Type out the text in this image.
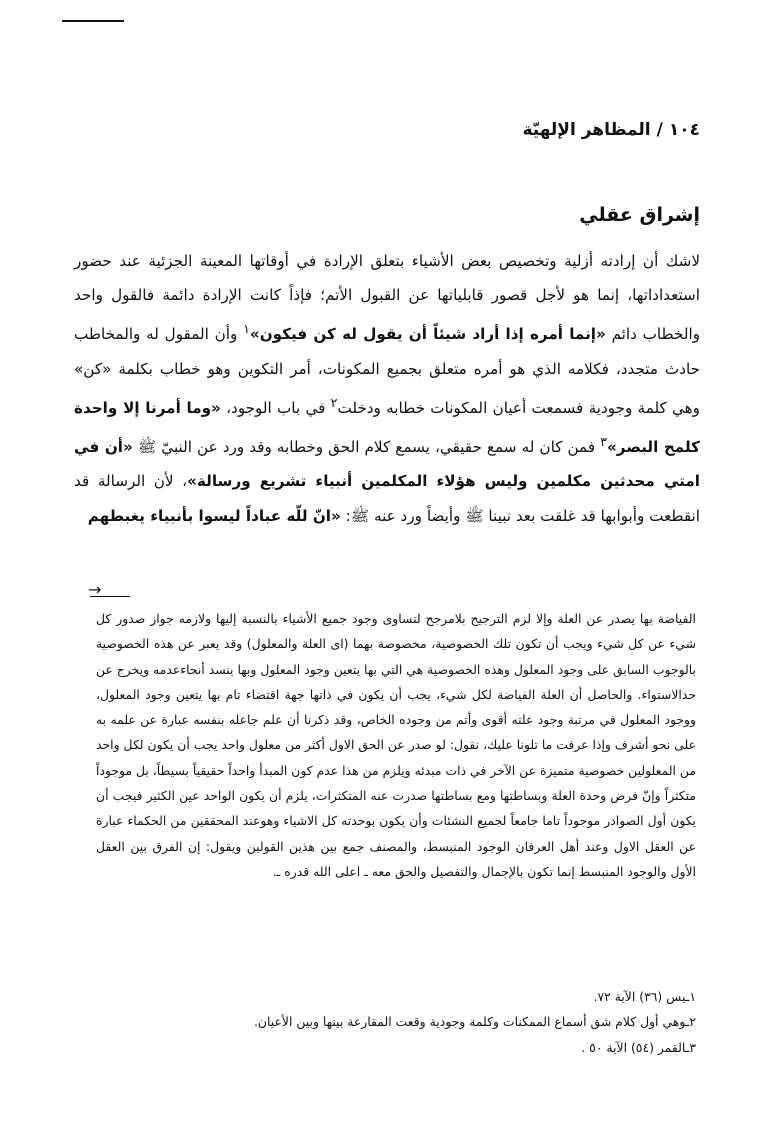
١٠٤
/
المظاهر الإلهيّة
إشراق عقلي

لاشك أن إرادته أزلية وتخصيص بعض الأشياء بتعلق الإرادة في أوقاتها المعينة الجزئية عند حضور استعداداتها، إنما هو لأجل قصور قابلياتها عن القبول الأتم؛ فإذاً كانت الإرادة دائمة فالقول واحد والخطاب دائم «إنما أمره إذا أراد شيئاً أن يقول له كن فيكون»$^١$ وأن المقول له والمخاطب حادث متجدد، فكلامه الذي هو أمره متعلق بجميع المكونات، أمر التكوين وهو خطاب بكلمة «كن» وهي كلمة وجودية فسمعت أعيان المكونات خطابه ودخلت$^٢$ في باب الوجود، «وما أمرنا إلا واحدة كلمح البصر»$^٣$ فمن كان له سمع حقيقي، يسمع كلام الحق وخطابه وقد ورد عن النبيّ ﷺ «أن في امتي محدثين مكلمين وليس هؤلاء المكلمين أنبياء تشريع ورسالة»، لأن الرسالة قد انقطعت وأبوابها قد غلقت بعد نبينا ﷺ وأيضاً ورد عنه ﷺ: «انّ للّه عباداً ليسوا بأنبياء يغبطهم

→

الفياضة بها يصدر عن العلة وإلا لزم الترجيح بلامرجح لتساوى وجود جميع الأشياء بالنسبة إليها ولازمه جواز صدور كل شيء عن كل شيء ويجب أن تكون تلك الخصوصية، مخصوصة بهما (اى العلة والمعلول) وقد يعبر عن هذه الخصوصية بالوجوب السابق على وجود المعلول وهذه الخصوصية هي التي بها يتعين وجود المعلول وبها ينسد أنحاءعدمه ويخرج عن حدالاستواء. والحاصل أن العلة الفياضة لكل شيء، يجب أن يكون في ذاتها جهة اقتضاء تام بها يتعين وجود المعلول، ووجود المعلول في مرتبة وجود علته أقوى وأتم من وجوده الخاص، وقد ذكرنا أن علم جاعله بنفسه عبارة عن علمه به على نحو أشرف وإذا عرفت ما تلونا عليك، نقول: لو صدر عن الحق الاول أكثر من معلول واحد يجب أن يكون لكل واحد من المعلولين خصوصية متميزة عن الآخر في ذات مبدئه ويلزم من هذا عدم كون المبدأ واحداً حقيقياً بسيطاً، بل موجوداً متكثراً وإنّ فرض وحدة العلة وبساطتها ومع بساطتها صدرت عنه المتكثرات، يلزم أن يكون الواحد عين الكثير فيجب أن يكون أول الصوادر موجوداً تاما جامعاً لجميع النشئات وأن يكون بوحدته كل الاشياء وهوعند المحققين من الحكماء عبارة عن العقل الاول وعند أهل العرفان الوجود المنبسط، والمصنف جمع بين هذين القولين ويقول: إن الفرق بين العقل الأول والوجود المنبسط إنما تكون بالإجمال والتفصيل والحق معه ـ اعلى الله قدره ـ.

١ـيس (٣٦) الآية ٧٢.
٢ـوهي أول كلام شق أسماع الممكنات وكلمة وجودية وقعت المقارعة بينها وبين الأعيان.
٣ـالقمر (٥٤) الآية ٥٠ .
